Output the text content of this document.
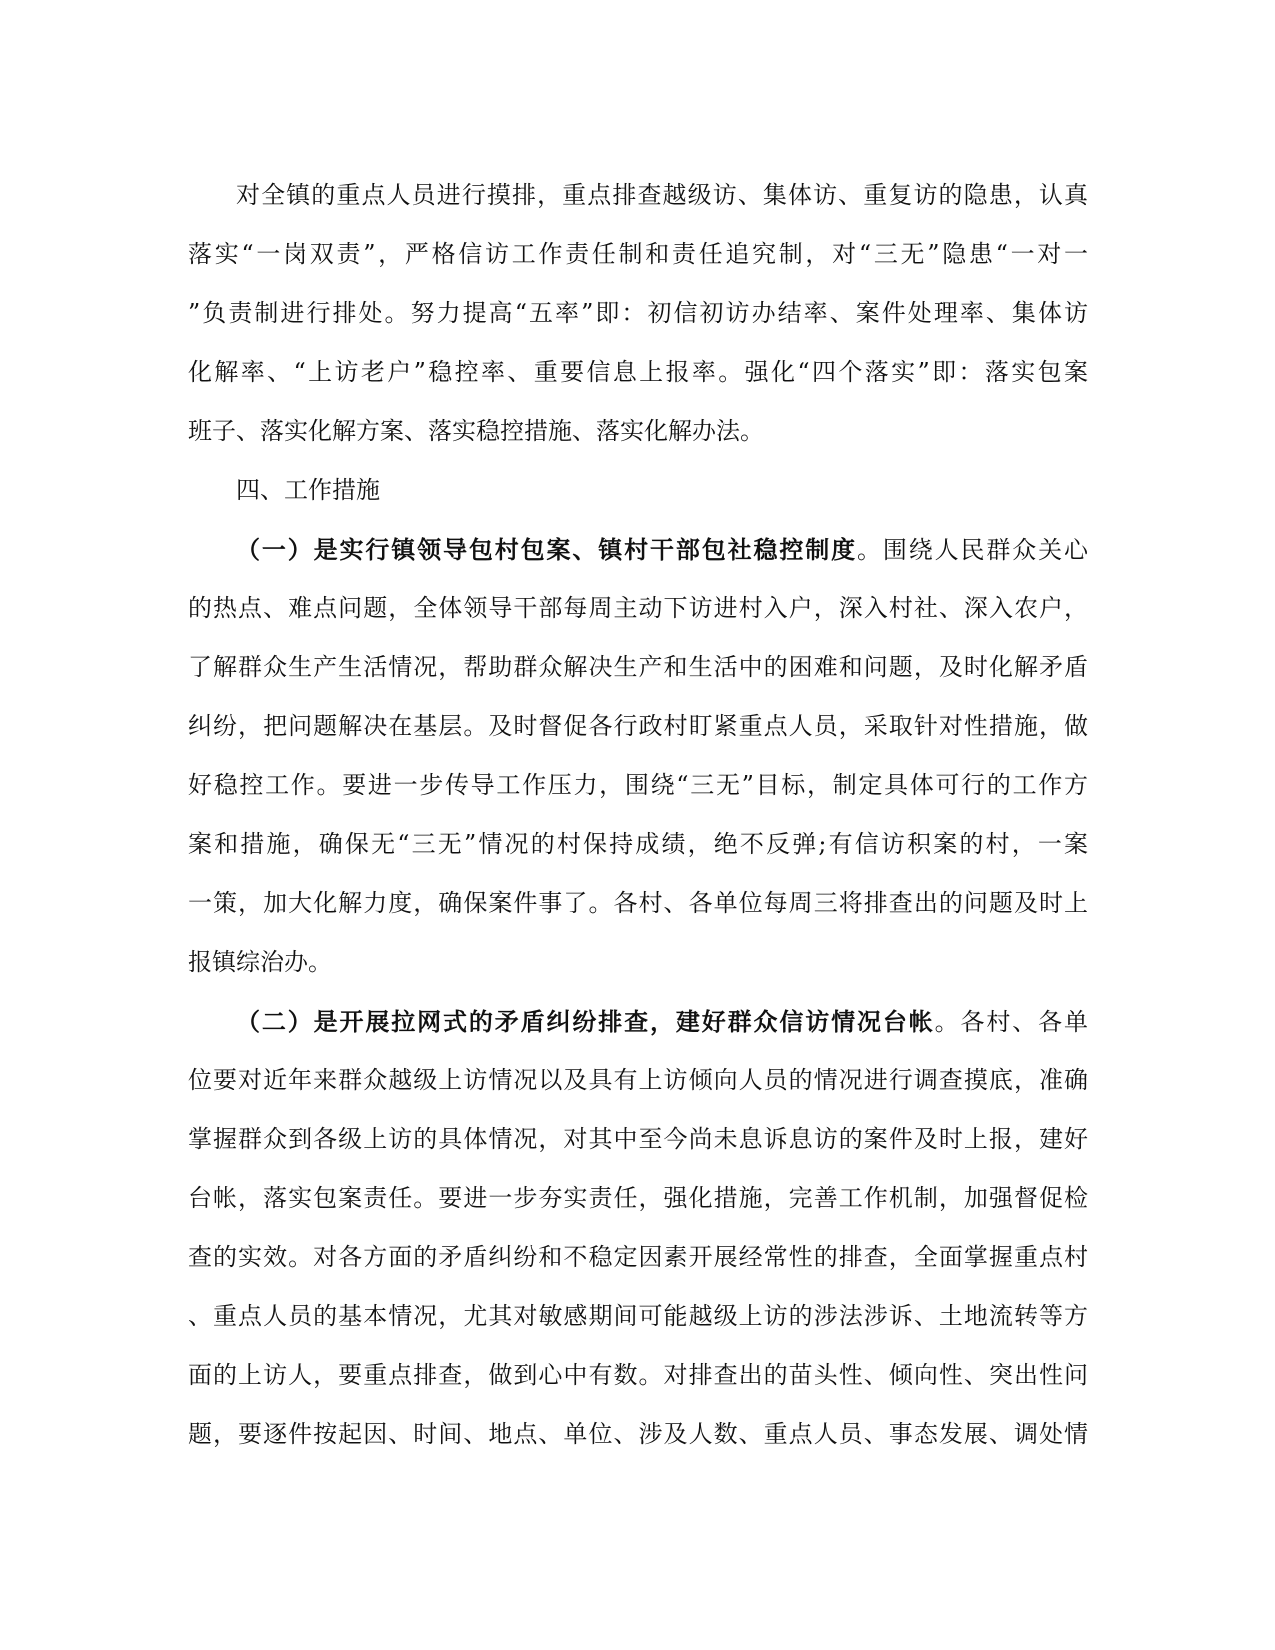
对全镇的重点人员进行摸排，重点排查越级访、集体访、重复访的隐患，认真
落实“一岗双责”，严格信访工作责任制和责任追究制，对“三无”隐患“一对一
”负责制进行排处。努力提高“五率”即：初信初访办结率、案件处理率、集体访
化解率、“上访老户”稳控率、重要信息上报率。强化“四个落实”即：落实包案
班子、落实化解方案、落实稳控措施、落实化解办法。
四、工作措施
（一）是实行镇领导包村包案、镇村干部包社稳控制度。围绕人民群众关心
的热点、难点问题，全体领导干部每周主动下访进村入户，深入村社、深入农户，
了解群众生产生活情况，帮助群众解决生产和生活中的困难和问题，及时化解矛盾
纠纷，把问题解决在基层。及时督促各行政村盯紧重点人员，采取针对性措施，做
好稳控工作。要进一步传导工作压力，围绕“三无”目标，制定具体可行的工作方
案和措施，确保无“三无”情况的村保持成绩，绝不反弹;有信访积案的村，一案
一策，加大化解力度，确保案件事了。各村、各单位每周三将排查出的问题及时上
报镇综治办。
（二）是开展拉网式的矛盾纠纷排查，建好群众信访情况台帐。各村、各单
位要对近年来群众越级上访情况以及具有上访倾向人员的情况进行调查摸底，准确
掌握群众到各级上访的具体情况，对其中至今尚未息诉息访的案件及时上报，建好
台帐，落实包案责任。要进一步夯实责任，强化措施，完善工作机制，加强督促检
查的实效。对各方面的矛盾纠纷和不稳定因素开展经常性的排查，全面掌握重点村
、重点人员的基本情况，尤其对敏感期间可能越级上访的涉法涉诉、土地流转等方
面的上访人，要重点排查，做到心中有数。对排查出的苗头性、倾向性、突出性问
题，要逐件按起因、时间、地点、单位、涉及人数、重点人员、事态发展、调处情
